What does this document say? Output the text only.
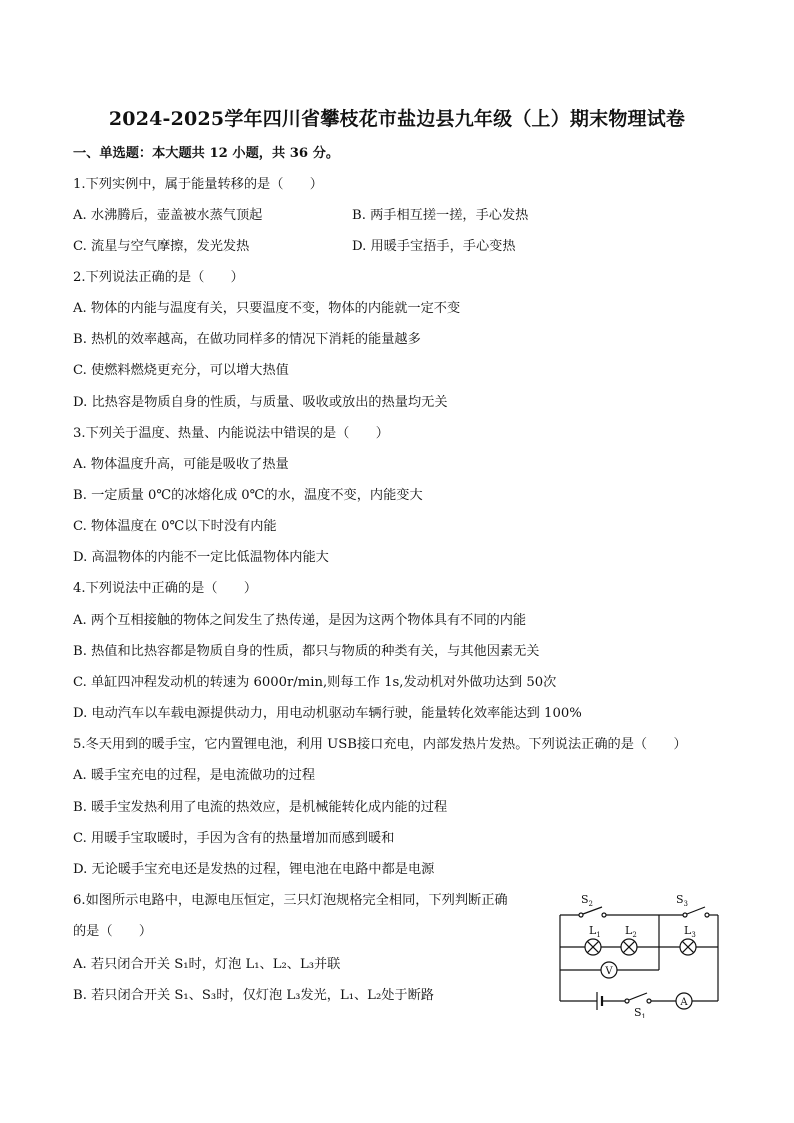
2024-2025学年四川省攀枝花市盐边县九年级（上）期末物理试卷
一、单选题：本大题共 12 小题，共 36 分。
1.下列实例中，属于能量转移的是（　　）
A. 水沸腾后，壶盖被水蒸气顶起	B. 两手相互搓一搓，手心发热
C. 流星与空气摩擦，发光发热	D. 用暖手宝捂手，手心变热
2.下列说法正确的是（　　）
A. 物体的内能与温度有关，只要温度不变，物体的内能就一定不变
B. 热机的效率越高，在做功同样多的情况下消耗的能量越多
C. 使燃料燃烧更充分，可以增大热值
D. 比热容是物质自身的性质，与质量、吸收或放出的热量均无关
3.下列关于温度、热量、内能说法中错误的是（　　）
A. 物体温度升高，可能是吸收了热量
B. 一定质量 0℃的冰熔化成 0℃的水，温度不变，内能变大
C. 物体温度在 0℃以下时没有内能
D. 高温物体的内能不一定比低温物体内能大
4.下列说法中正确的是（　　）
A. 两个互相接触的物体之间发生了热传递，是因为这两个物体具有不同的内能
B. 热值和比热容都是物质自身的性质，都只与物质的种类有关，与其他因素无关
C. 单缸四冲程发动机的转速为 6000r/min,则每工作 1s,发动机对外做功达到 50次
D. 电动汽车以车载电源提供动力，用电动机驱动车辆行驶，能量转化效率能达到 100%
5.冬天用到的暖手宝，它内置锂电池，利用 USB接口充电，内部发热片发热。下列说法正确的是（　　）
A. 暖手宝充电的过程，是电流做功的过程
B. 暖手宝发热利用了电流的热效应，是机械能转化成内能的过程
C. 用暖手宝取暖时，手因为含有的热量增加而感到暖和
D. 无论暖手宝充电还是发热的过程，锂电池在电路中都是电源
6.如图所示电路中，电源电压恒定，三只灯泡规格完全相同，下列判断正确
的是（　　）
A. 若只闭合开关 S₁时，灯泡 L₁、L₂、L₃并联
B. 若只闭合开关 S₁、S₃时，仅灯泡 L₃发光，L₁、L₂处于断路
$S_2$	$S_3$
$L_1$ $L_2$	$L_3$
V
A
$S_1$
